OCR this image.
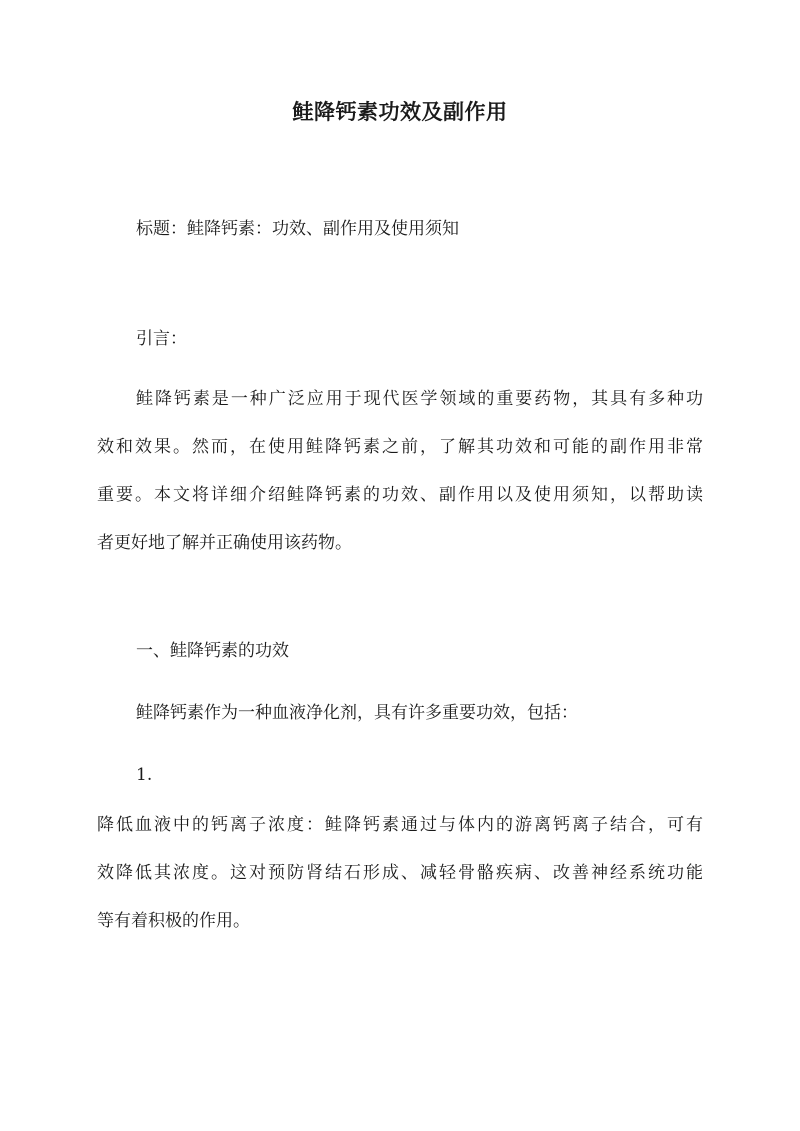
鲑降钙素功效及副作用
标题：鲑降钙素：功效、副作用及使用须知
引言：
鲑降钙素是一种广泛应用于现代医学领域的重要药物，其具有多种功
效和效果。然而，在使用鲑降钙素之前，了解其功效和可能的副作用非常
重要。本文将详细介绍鲑降钙素的功效、副作用以及使用须知，以帮助读
者更好地了解并正确使用该药物。
一、鲑降钙素的功效
鲑降钙素作为一种血液净化剂，具有许多重要功效，包括：
1.
降低血液中的钙离子浓度：鲑降钙素通过与体内的游离钙离子结合，可有
效降低其浓度。这对预防肾结石形成、减轻骨骼疾病、改善神经系统功能
等有着积极的作用。
